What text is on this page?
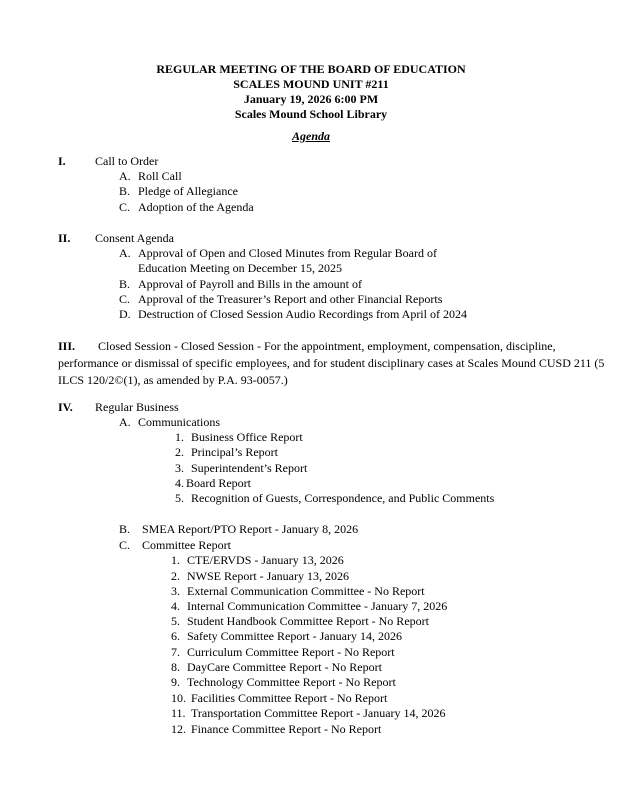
REGULAR MEETING OF THE BOARD OF EDUCATION
SCALES MOUND UNIT #211
January 19, 2026 6:00 PM
Scales Mound School Library
Agenda
I. Call to Order
A. Roll Call
B. Pledge of Allegiance
C. Adoption of the Agenda
II. Consent Agenda
A. Approval of Open and Closed Minutes from Regular Board of
Education Meeting on December 15, 2025
B. Approval of Payroll and Bills in the amount of
C. Approval of the Treasurer’s Report and other Financial Reports
D. Destruction of Closed Session Audio Recordings from April of 2024
III.	Closed Session - Closed Session - For the appointment, employment, compensation, discipline, performance or dismissal of specific employees, and for student disciplinary cases at Scales Mound CUSD 211 (5 ILCS 120/2©(1), as amended by P.A. 93-0057.)
IV. Regular Business
A. Communications
1. Business Office Report
2. Principal’s Report
3. Superintendent’s Report
4. Board Report
5. Recognition of Guests, Correspondence, and Public Comments
B. SMEA Report/PTO Report - January 8, 2026
C. Committee Report
1. CTE/ERVDS - January 13, 2026
2. NWSE Report - January 13, 2026
3. External Communication Committee - No Report
4. Internal Communication Committee - January 7, 2026
5. Student Handbook Committee Report - No Report
6. Safety Committee Report - January 14, 2026
7. Curriculum Committee Report - No Report
8. DayCare Committee Report - No Report
9. Technology Committee Report - No Report
10. Facilities Committee Report - No Report
11. Transportation Committee Report - January 14, 2026
12. Finance Committee Report - No Report
